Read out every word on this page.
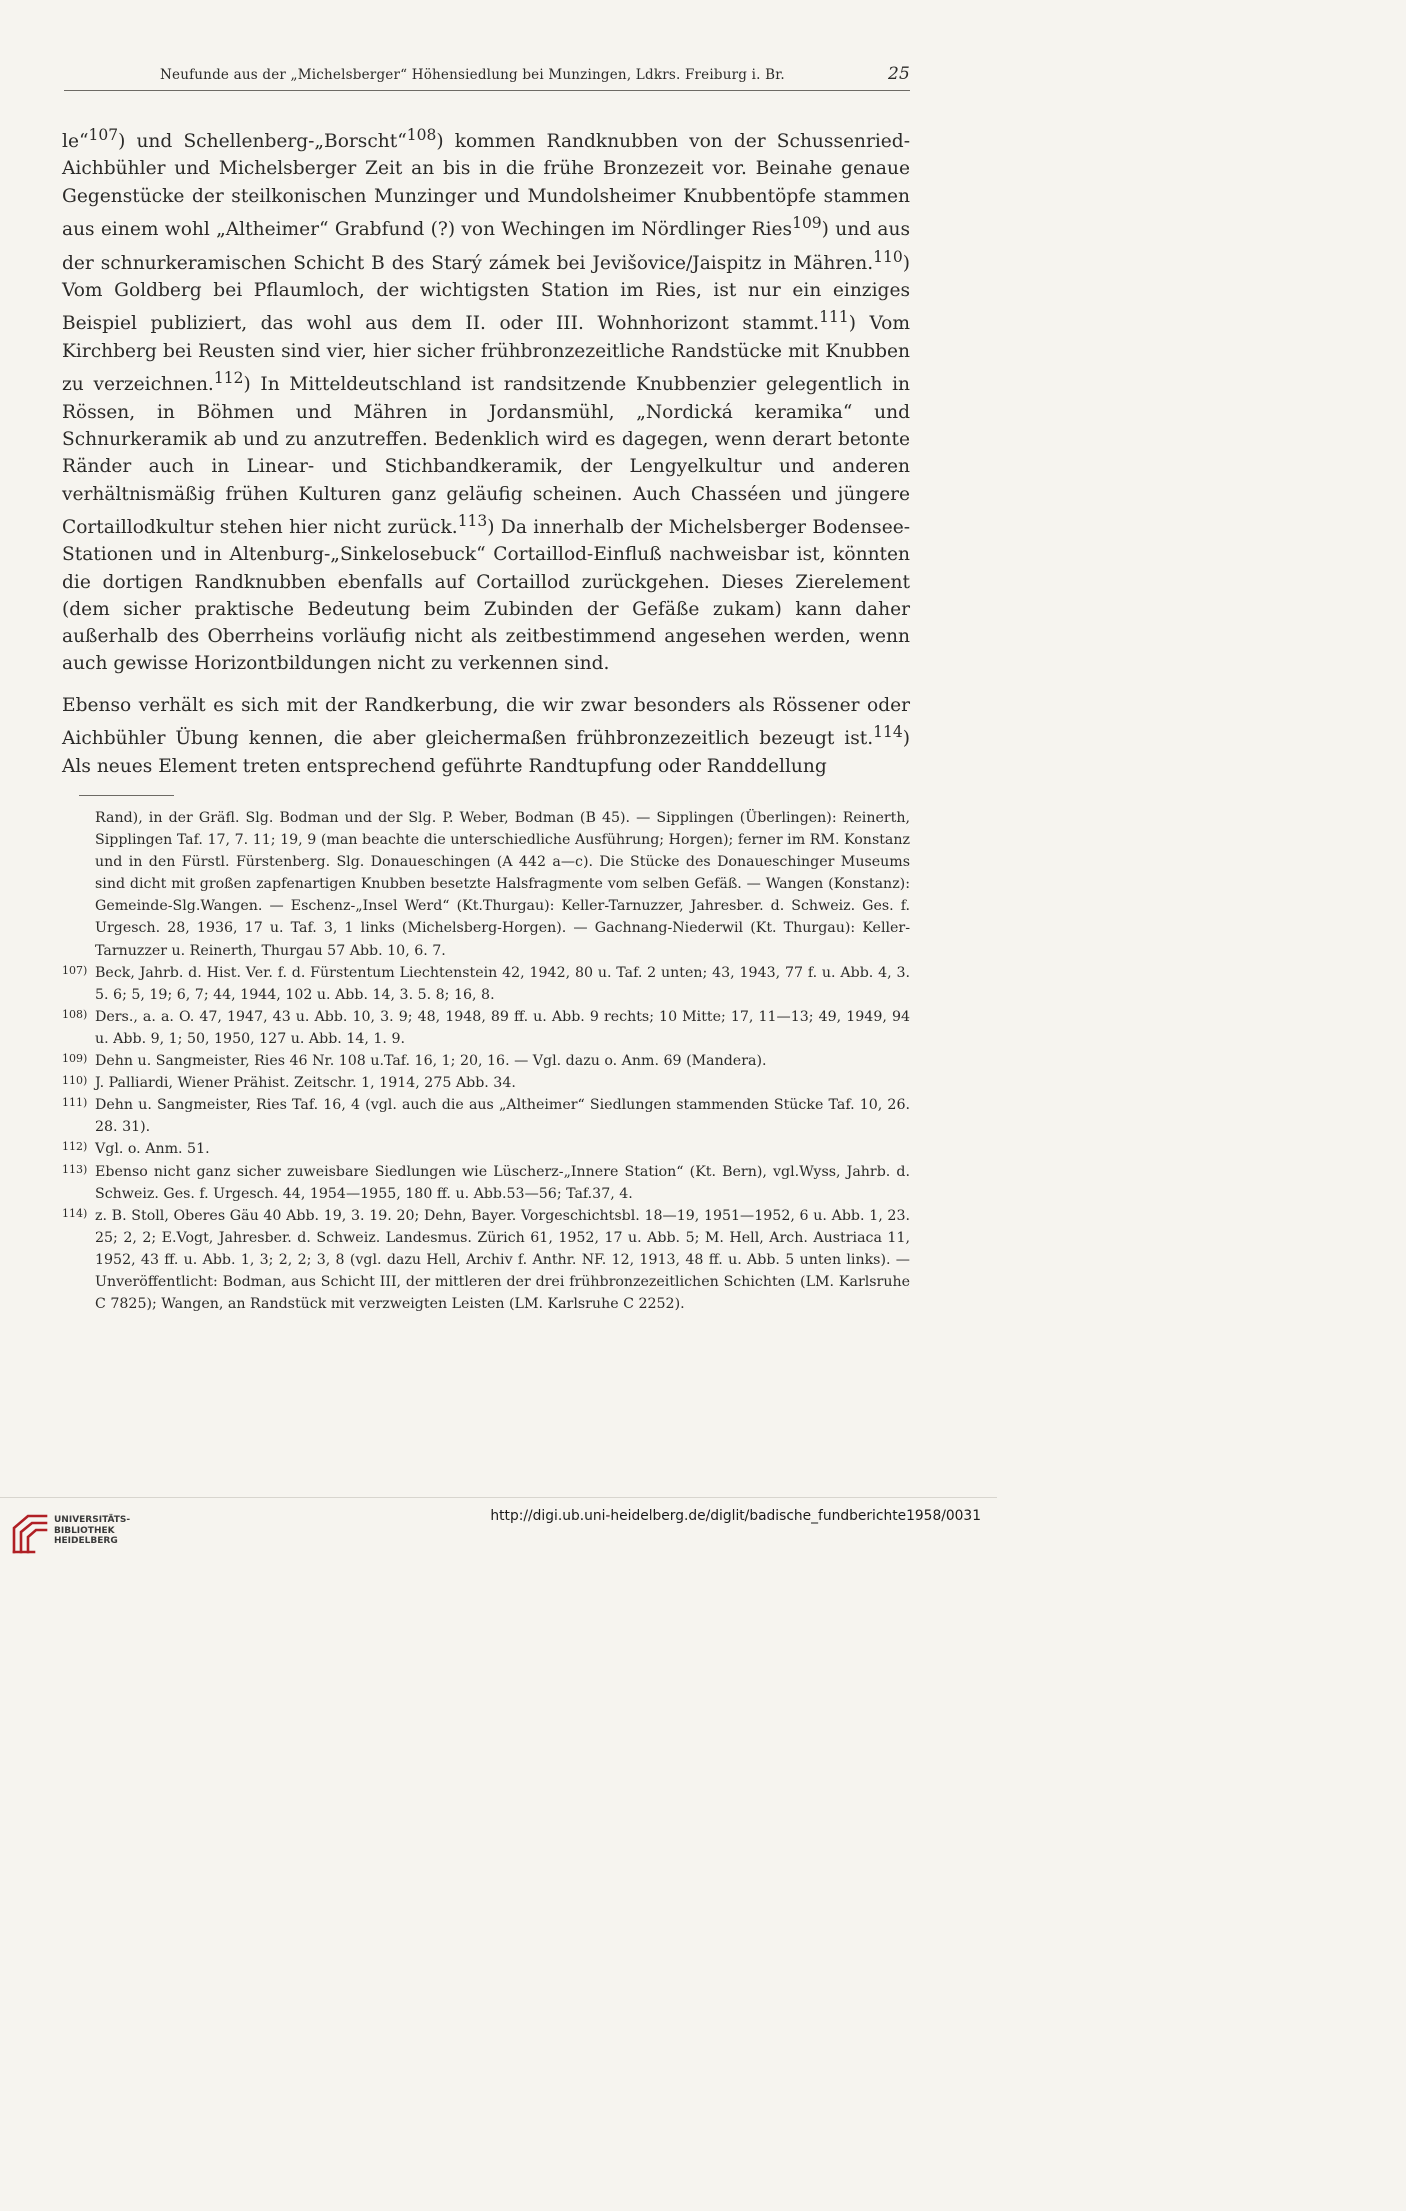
Neufunde aus der „Michelsberger“ Höhensiedlung bei Munzingen, Ldkrs. Freiburg i. Br.	25

le“$^{107}$) und Schellenberg-„Borscht“$^{108}$) kommen Randknubben von der Schussenried-Aichbühler und Michelsberger Zeit an bis in die frühe Bronzezeit vor. Beinahe genaue Gegenstücke der steilkonischen Munzinger und Mundolsheimer Knubbentöpfe stammen aus einem wohl „Altheimer“ Grabfund (?) von Wechingen im Nördlinger Ries$^{109}$) und aus der schnurkeramischen Schicht B des Starý zámek bei Jevišovice/Jaispitz in Mähren.$^{110}$) Vom Goldberg bei Pflaumloch, der wichtigsten Station im Ries, ist nur ein einziges Beispiel publiziert, das wohl aus dem II. oder III. Wohnhorizont stammt.$^{111}$) Vom Kirchberg bei Reusten sind vier, hier sicher frühbronzezeitliche Randstücke mit Knubben zu verzeichnen.$^{112}$) In Mitteldeutschland ist randsitzende Knubbenzier gelegentlich in Rössen, in Böhmen und Mähren in Jordansmühl, „Nordická keramika“ und Schnurkeramik ab und zu anzutreffen. Bedenklich wird es dagegen, wenn derart betonte Ränder auch in Linear- und Stichbandkeramik, der Lengyelkultur und anderen verhältnismäßig frühen Kulturen ganz geläufig scheinen. Auch Chasséen und jüngere Cortaillodkultur stehen hier nicht zurück.$^{113}$) Da innerhalb der Michelsberger Bodensee-Stationen und in Altenburg-„Sinkelosebuck“ Cortaillod-Einfluß nachweisbar ist, könnten die dortigen Randknubben ebenfalls auf Cortaillod zurückgehen. Dieses Zierelement (dem sicher praktische Bedeutung beim Zubinden der Gefäße zukam) kann daher außerhalb des Oberrheins vorläufig nicht als zeitbestimmend angesehen werden, wenn auch gewisse Horizontbildungen nicht zu verkennen sind.

Ebenso verhält es sich mit der Randkerbung, die wir zwar besonders als Rössener oder Aichbühler Übung kennen, die aber gleichermaßen frühbronzezeitlich bezeugt ist.$^{114}$) Als neues Element treten entsprechend geführte Randtupfung oder Randdellung

Rand), in der Gräfl. Slg. Bodman und der Slg. P. Weber, Bodman (B 45). — Sipplingen (Überlingen): Reinerth, Sipplingen Taf. 17, 7. 11; 19, 9 (man beachte die unterschiedliche Ausführung; Horgen); ferner im RM. Konstanz und in den Fürstl. Fürstenberg. Slg. Donaueschingen (A 442 a—c). Die Stücke des Donaueschinger Museums sind dicht mit großen zapfenartigen Knubben besetzte Halsfragmente vom selben Gefäß. — Wangen (Konstanz): Gemeinde-Slg.Wangen. — Eschenz-„Insel Werd“ (Kt.Thurgau): Keller-Tarnuzzer, Jahresber. d. Schweiz. Ges. f. Urgesch. 28, 1936, 17 u. Taf. 3, 1 links (Michelsberg-Horgen). — Gachnang-Niederwil (Kt. Thurgau): Keller-Tarnuzzer u. Reinerth, Thurgau 57 Abb. 10, 6. 7.
107) Beck, Jahrb. d. Hist. Ver. f. d. Fürstentum Liechtenstein 42, 1942, 80 u. Taf. 2 unten; 43, 1943, 77 f. u. Abb. 4, 3. 5. 6; 5, 19; 6, 7; 44, 1944, 102 u. Abb. 14, 3. 5. 8; 16, 8.
108) Ders., a. a. O. 47, 1947, 43 u. Abb. 10, 3. 9; 48, 1948, 89 ff. u. Abb. 9 rechts; 10 Mitte; 17, 11—13; 49, 1949, 94 u. Abb. 9, 1; 50, 1950, 127 u. Abb. 14, 1. 9.
109) Dehn u. Sangmeister, Ries 46 Nr. 108 u.Taf. 16, 1; 20, 16. — Vgl. dazu o. Anm. 69 (Mandera).
110) J. Palliardi, Wiener Prähist. Zeitschr. 1, 1914, 275 Abb. 34.
111) Dehn u. Sangmeister, Ries Taf. 16, 4 (vgl. auch die aus „Altheimer“ Siedlungen stammenden Stücke Taf. 10, 26. 28. 31).
112) Vgl. o. Anm. 51.
113) Ebenso nicht ganz sicher zuweisbare Siedlungen wie Lüscherz-„Innere Station“ (Kt. Bern), vgl.Wyss, Jahrb. d. Schweiz. Ges. f. Urgesch. 44, 1954—1955, 180 ff. u. Abb.53—56; Taf.37, 4.
114) z. B. Stoll, Oberes Gäu 40 Abb. 19, 3. 19. 20; Dehn, Bayer. Vorgeschichtsbl. 18—19, 1951—1952, 6 u. Abb. 1, 23. 25; 2, 2; E.Vogt, Jahresber. d. Schweiz. Landesmus. Zürich 61, 1952, 17 u. Abb. 5; M. Hell, Arch. Austriaca 11, 1952, 43 ff. u. Abb. 1, 3; 2, 2; 3, 8 (vgl. dazu Hell, Archiv f. Anthr. NF. 12, 1913, 48 ff. u. Abb. 5 unten links). — Unveröffentlicht: Bodman, aus Schicht III, der mittleren der drei frühbronzezeitlichen Schichten (LM. Karlsruhe C 7825); Wangen, an Randstück mit verzweigten Leisten (LM. Karlsruhe C 2252).
UNIVERSITÄTS-
BIBLIOTHEK
HEIDELBERG
http://digi.ub.uni-heidelberg.de/diglit/badische_fundberichte1958/0031
